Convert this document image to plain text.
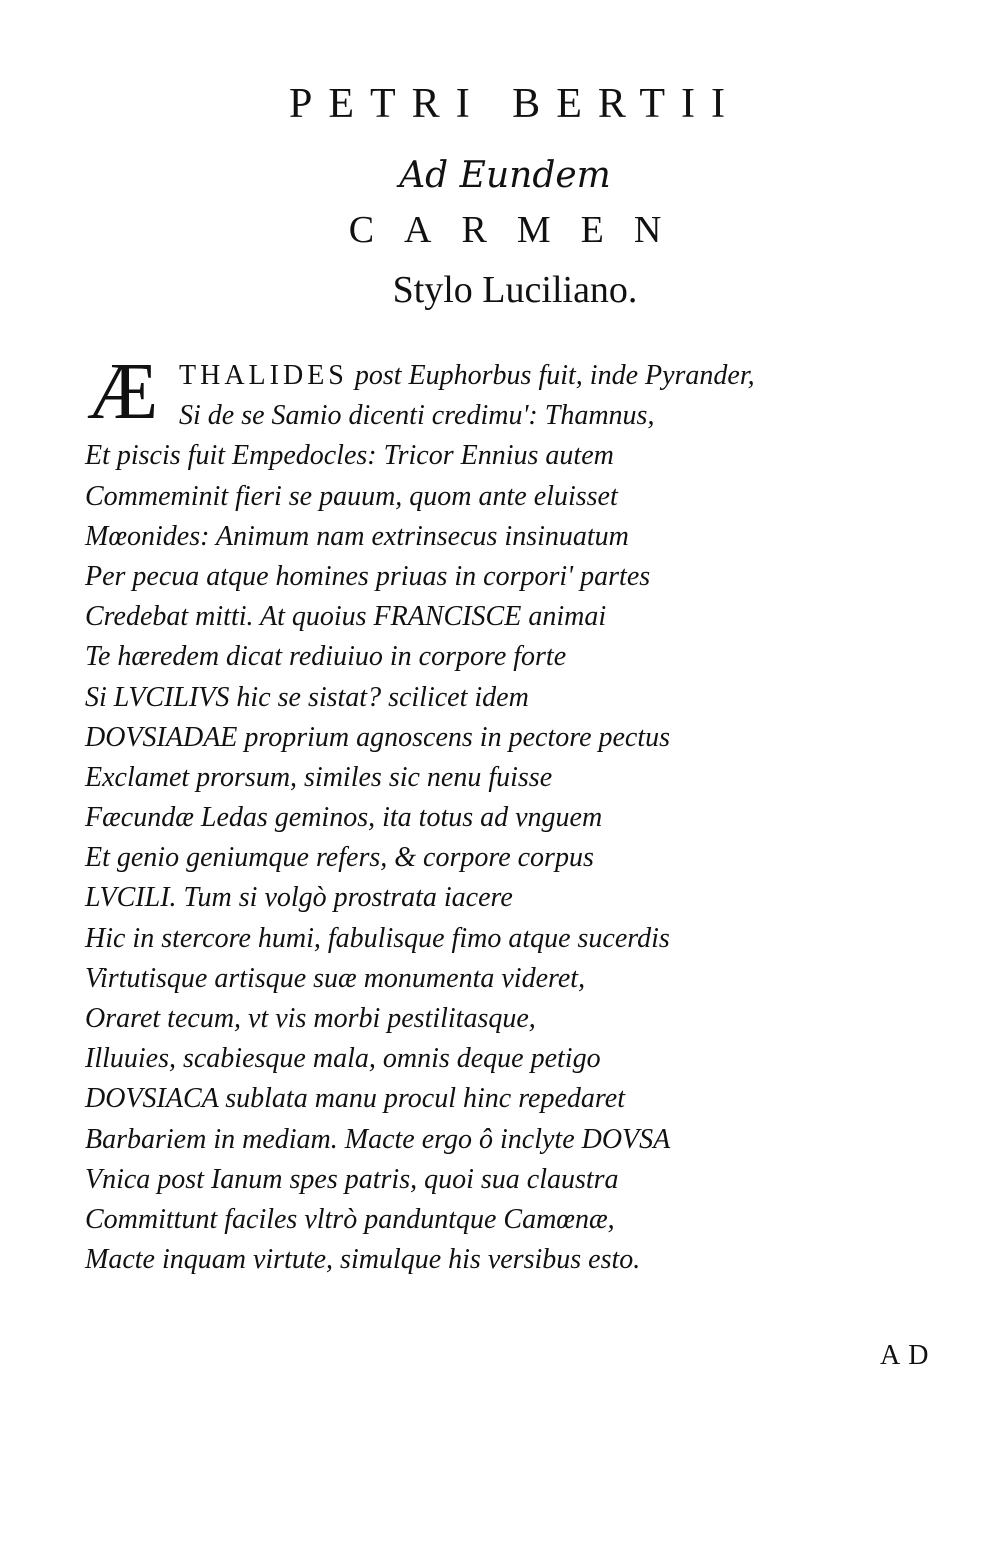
PETRI BERTII
Ad Eundem
CARMEN
Stylo Luciliano.
Æ THALIDES post Euphorbus fuit, inde Pyrander,
Si de se Samio dicenti credimu': Thamnus,
Et piscis fuit Empedocles: Tricor Ennius autem
Commeminit fieri se pauum, quom ante eluisset
Mœonides: Animum nam extrinsecus insinuatum
Per pecua atque homines priuas in corpori' partes
Credebat mitti. At quoius FRANCISCE animai
Te hæredem dicat rediuiuo in corpore forte
Si LVCILIVS hic se sistat? scilicet idem
DOVSIADAE proprium agnoscens in pectore pectus
Exclamet prorsum, similes sic nenu fuisse
Fæcundæ Ledas geminos, ita totus ad vnguem
Et genio geniumque refers, & corpore corpus
LVCILI. Tum si volgò prostrata iacere
Hic in stercore humi, fabulisque fimo atque sucerdis
Virtutisque artisque suæ monumenta videret,
Oraret tecum, vt vis morbi pestilitasque,
Illuuies, scabiesque mala, omnis deque petigo
DOVSIACA sublata manu procul hinc repedaret
Barbariem in mediam. Macte ergo ô inclyte DOVSA
Vnica post Ianum spes patris, quoi sua claustra
Committunt faciles vltrò panduntque Camœnæ,
Macte inquam virtute, simulque his versibus esto.
AD
